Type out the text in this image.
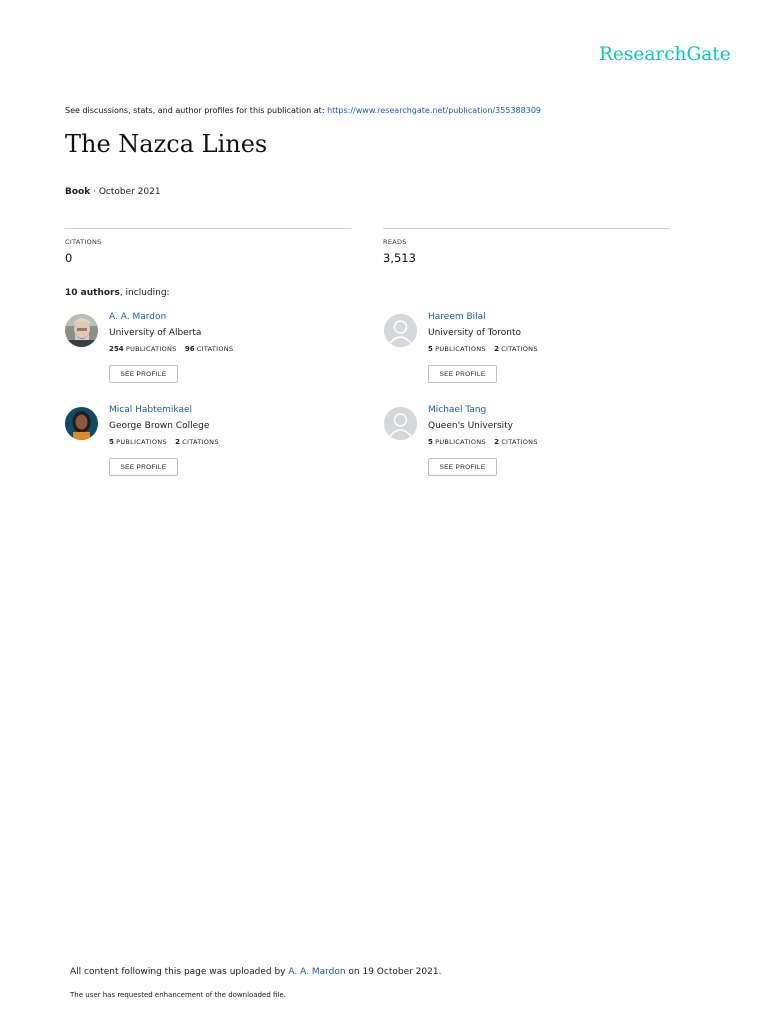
ResearchGate
See discussions, stats, and author profiles for this publication at: https://www.researchgate.net/publication/355388309
The Nazca Lines
Book · October 2021
CITATIONS
0
READS
3,513
10 authors, including:
A. A. Mardon
University of Alberta
254 PUBLICATIONS 96 CITATIONS
SEE PROFILE
Hareem Bilal
University of Toronto
5 PUBLICATIONS 2 CITATIONS
SEE PROFILE
Mical Habtemikael
George Brown College
5 PUBLICATIONS 2 CITATIONS
SEE PROFILE
Michael Tang
Queen's University
5 PUBLICATIONS 2 CITATIONS
SEE PROFILE
All content following this page was uploaded by A. A. Mardon on 19 October 2021.
The user has requested enhancement of the downloaded file.
